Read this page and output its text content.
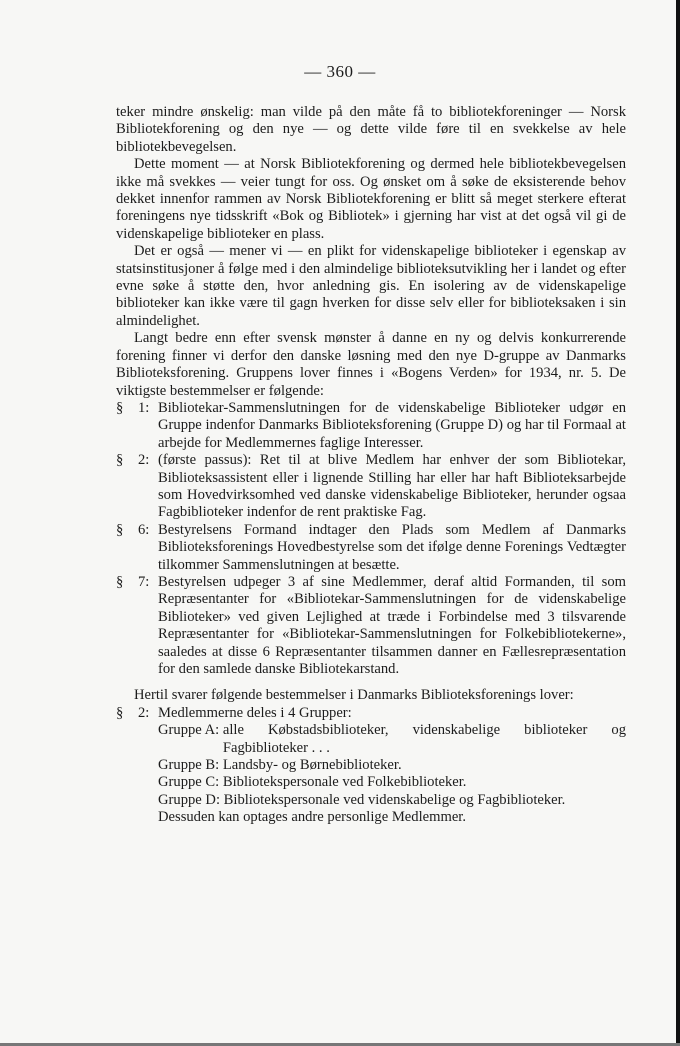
— 360 —

teker mindre ønskelig: man vilde på den måte få to bibliotekforeninger — Norsk Bibliotekforening og den nye — og dette vilde føre til en svekkelse av hele bibliotekbevegelsen.

Dette moment — at Norsk Bibliotekforening og dermed hele bibliotekbevegelsen ikke må svekkes — veier tungt for oss. Og ønsket om å søke de eksisterende behov dekket innenfor rammen av Norsk Bibliotekforening er blitt så meget sterkere efterat foreningens nye tidsskrift «Bok og Bibliotek» i gjerning har vist at det også vil gi de videnskapelige biblioteker en plass.

Det er også — mener vi — en plikt for videnskapelige biblioteker i egenskap av statsinstitusjoner å følge med i den almindelige biblioteksutvikling her i landet og efter evne søke å støtte den, hvor anledning gis. En isolering av de videnskapelige biblioteker kan ikke være til gagn hverken for disse selv eller for biblioteksaken i sin almindelighet.

Langt bedre enn efter svensk mønster å danne en ny og delvis konkurrerende forening finner vi derfor den danske løsning med den nye D-gruppe av Danmarks Biblioteksforening. Gruppens lover finnes i «Bogens Verden» for 1934, nr. 5. De viktigste bestemmelser er følgende:

§	1: Bibliotekar-Sammenslutningen for de videnskabelige Biblioteker udgør en Gruppe indenfor Danmarks Biblioteksforening (Gruppe D) og har til Formaal at arbejde for Medlemmernes faglige Interesser.
§	2: (første passus): Ret til at blive Medlem har enhver der som Bibliotekar, Biblioteksassistent eller i lignende Stilling har eller har haft Biblioteksarbejde som Hovedvirksomhed ved danske videnskabelige Biblioteker, herunder ogsaa Fagbiblioteker indenfor de rent praktiske Fag.
§	6: Bestyrelsens Formand indtager den Plads som Medlem af Danmarks Biblioteksforenings Hovedbestyrelse som det ifølge denne Forenings Vedtægter tilkommer Sammenslutningen at besætte.
§	7: Bestyrelsen udpeger 3 af sine Medlemmer, deraf altid Formanden, til som Repræsentanter for «Bibliotekar-Sammenslutningen for de videnskabelige Biblioteker» ved given Lejlighed at træde i Forbindelse med 3 tilsvarende Repræsentanter for «Bibliotekar-Sammenslutningen for Folkebibliotekerne», saaledes at disse 6 Repræsentanter tilsammen danner en Fællesrepræsentation for den samlede danske Bibliotekarstand.

Hertil svarer følgende bestemmelser i Danmarks Biblioteksforenings lover:

§	2: Medlemmerne deles i 4 Grupper:
Gruppe A: alle Købstadsbiblioteker, videnskabelige biblioteker og Fagbiblioteker . . .
Gruppe B: Landsby- og Børnebiblioteker.
Gruppe C: Bibliotekspersonale ved Folkebiblioteker.
Gruppe D: Bibliotekspersonale ved videnskabelige og Fagbiblioteker.

Dessuden kan optages andre personlige Medlemmer.
